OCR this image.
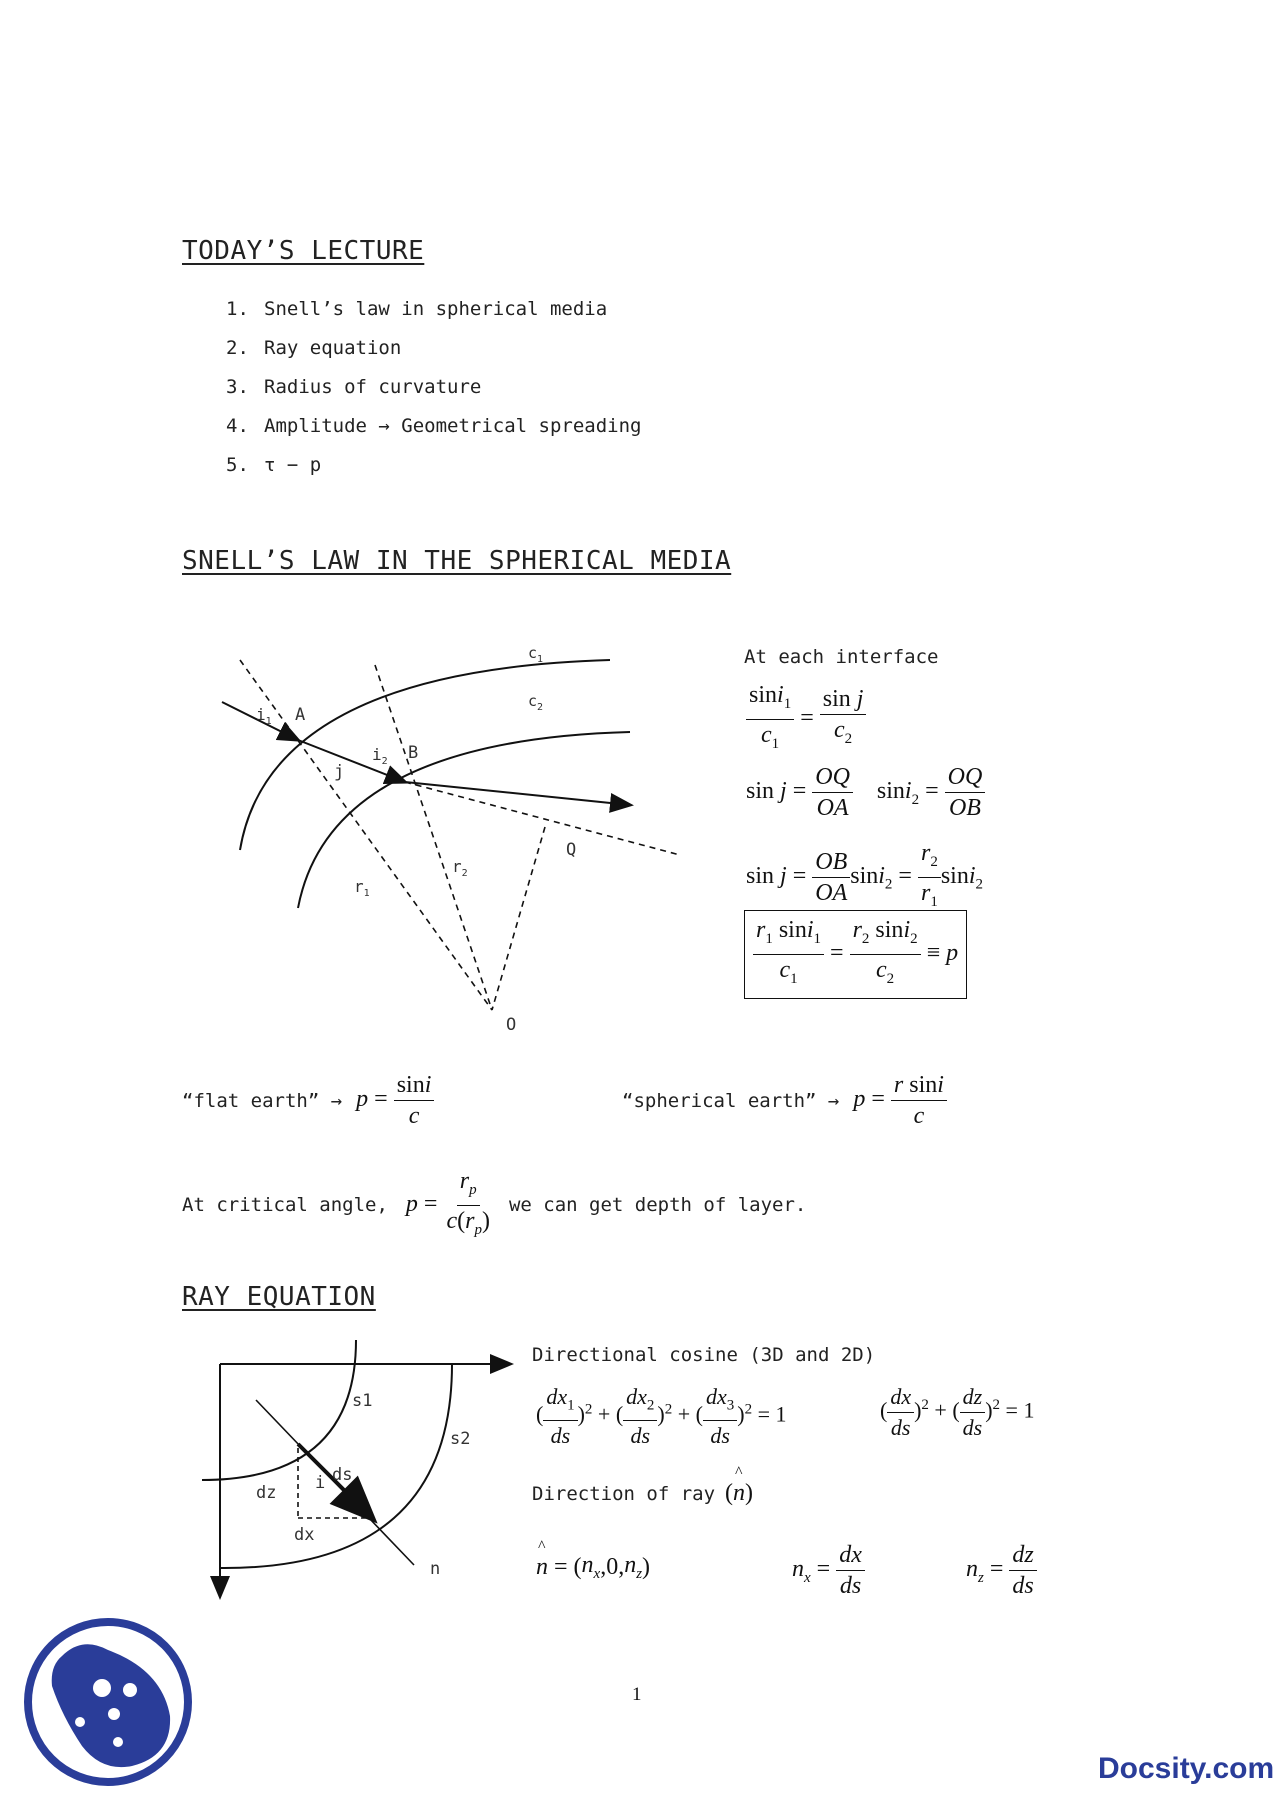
TODAY’S LECTURE
1. Snell’s law in spherical media
2. Ray equation
3. Radius of curvature
4. Amplitude → Geometrical spreading
5. τ − p
SNELL’S LAW IN THE SPHERICAL MEDIA
$c_1$
$c_2$
$i_1$ A
$i_2$ B
j
Q
$r_1$
$r_2$
O
At each interface
$\frac{\sin i_1}{c_1} = \frac{\text{sin j}}{c_2}$
$\sin j = \frac{OQ}{OA} \sin i_2 = \frac{OQ}{OB}$
$\sin j = \frac{OB}{OA} \sin i_2 = \frac{r_2}{r_1} \sin i_2$
$\frac{r_1 \sin i_1}{c_1} = \frac{r_2 \sin i_2}{c_2} \equiv p$
“flat earth” → $p = \frac{\sin i}{c}$	“spherical earth” → $p = \frac{\text{r sini}}{c}$
At critical angle, $p = \frac{r_p}{c(r_p)}$ we can get depth of layer.
RAY EQUATION
s1
s2
ds
i
dz
dx
n
Directional cosine (3D and 2D)
( $\frac{dx_1}{ds} )^2$ + ( $\frac{dx_2}{ds} )^2$ + ( $\frac{dx_3}{ds} )^2 = 1$	( $\frac{dx}{ds} )^2$ + ( $\frac{dz}{ds} )^2 = 1$
Direction of ray (
^
n)
^
n = ( $n_x$ ,0, $n_z$ )	$n_x = \frac{dx}{ds}$	$n_z = \frac{dz}{ds}$
1
Docsity.com
